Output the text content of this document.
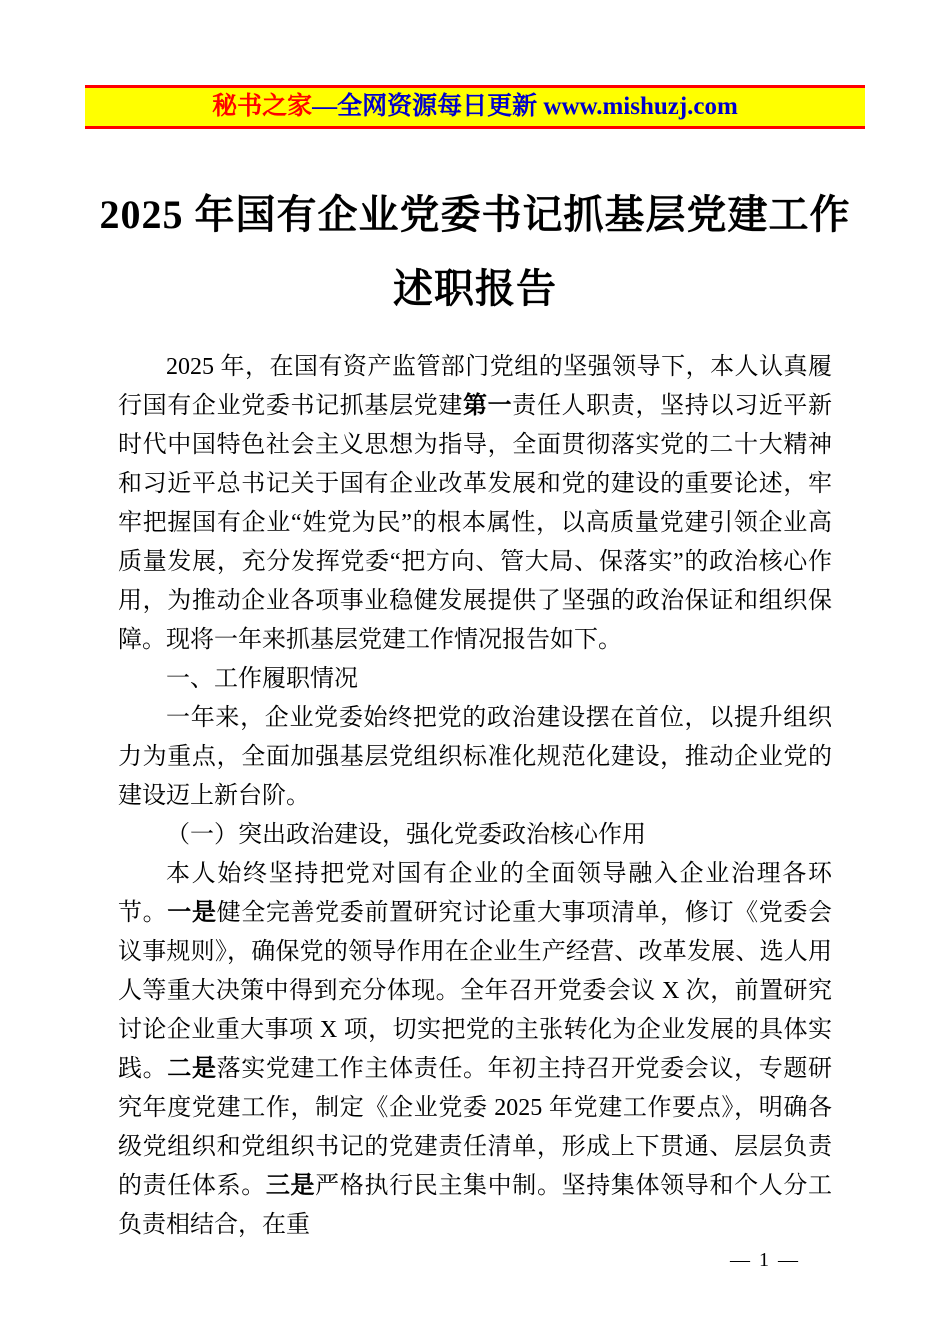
秘书之家 —全网资源每日更新 www.mishuzj.com
2025 年国有企业党委书记抓基层党建工作
述职报告

2025 年，在国有资产监管部门党组的坚强领导下，本人认真履行国有企业党委书记抓基层党建第一责任人职责，坚持以习近平新时代中国特色社会主义思想为指导，全面贯彻落实党的二十大精神和习近平总书记关于国有企业改革发展和党的建设的重要论述，牢牢把握国有企业“姓党为民”的根本属性，以高质量党建引领企业高质量发展，充分发挥党委“把方向、管大局、保落实”的政治核心作用，为推动企业各项事业稳健发展提供了坚强的政治保证和组织保障。现将一年来抓基层党建工作情况报告如下。

一、工作履职情况

一年来，企业党委始终把党的政治建设摆在首位，以提升组织力为重点，全面加强基层党组织标准化规范化建设，推动企业党的建设迈上新台阶。

（一）突出政治建设，强化党委政治核心作用

本人始终坚持把党对国有企业的全面领导融入企业治理各环节。一是健全完善党委前置研究讨论重大事项清单，修订《党委会议事规则》，确保党的领导作用在企业生产经营、改革发展、选人用人等重大决策中得到充分体现。全年召开党委会议 X 次，前置研究讨论企业重大事项 X 项，切实把党的主张转化为企业发展的具体实践。二是落实党建工作主体责任。年初主持召开党委会议，专题研究年度党建工作，制定《企业党委 2025 年党建工作要点》，明确各级党组织和党组织书记的党建责任清单，形成上下贯通、层层负责的责任体系。三是严格执行民主集中制。坚持集体领导和个人分工负责相结合，在重

— 1 —
